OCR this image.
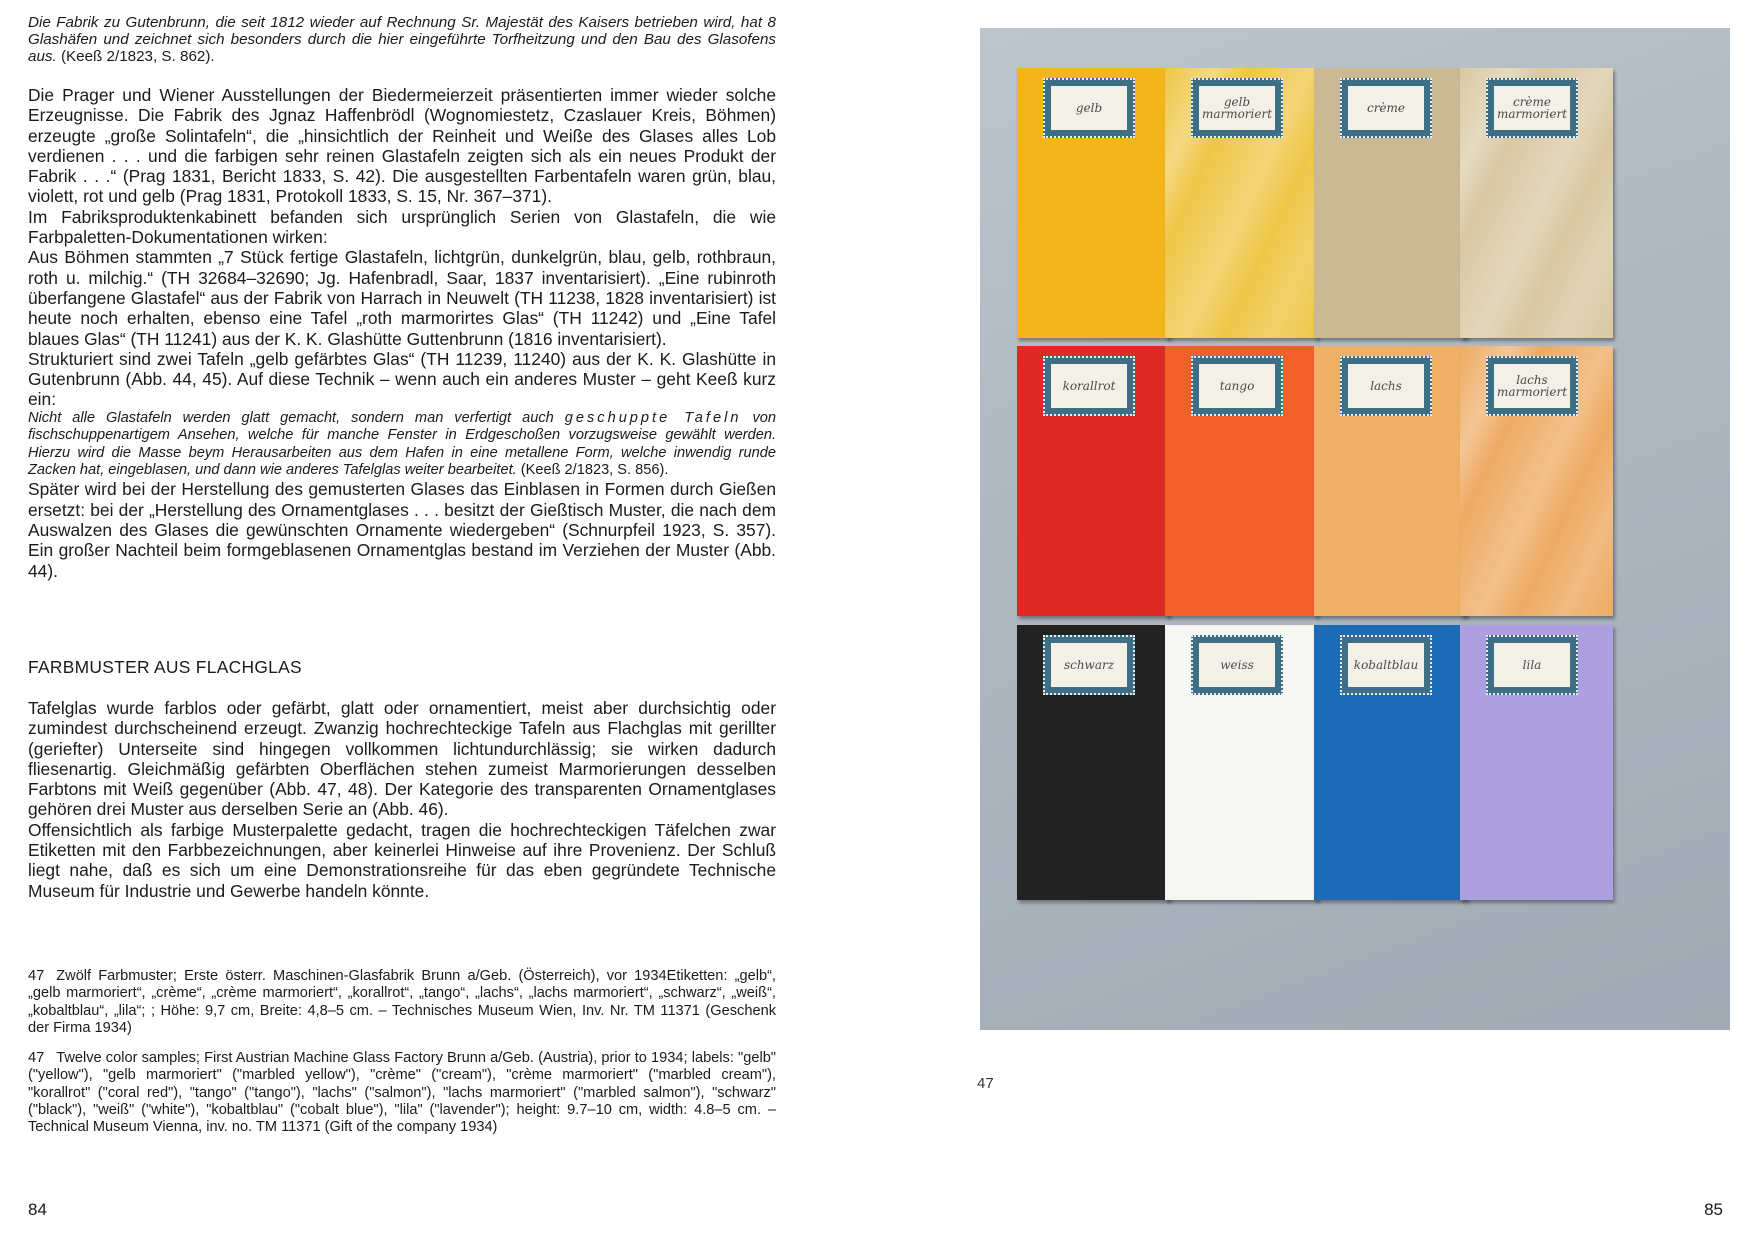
Die Fabrik zu Gutenbrunn, die seit 1812 wieder auf Rechnung Sr. Majestät des Kaisers betrieben wird, hat 8 Glashäfen und zeichnet sich besonders durch die hier eingeführte Torfheitzung und den Bau des Glasofens aus. (Keeß 2/1823, S. 862).

Die Prager und Wiener Ausstellungen der Biedermeierzeit präsentierten immer wieder solche Erzeugnisse. Die Fabrik des Jgnaz Haffenbrödl (Wognomiestetz, Czaslauer Kreis, Böhmen) erzeugte „große Solintafeln“, die „hinsichtlich der Reinheit und Weiße des Glases alles Lob verdienen . . . und die farbigen sehr reinen Glastafeln zeigten sich als ein neues Produkt der Fabrik . . .“ (Prag 1831, Bericht 1833, S. 42). Die ausgestellten Farbentafeln waren grün, blau, violett, rot und gelb (Prag 1831, Protokoll 1833, S. 15, Nr. 367–371).

Im Fabriksproduktenkabinett befanden sich ursprünglich Serien von Glastafeln, die wie Farbpaletten-Dokumentationen wirken:

Aus Böhmen stammten „7 Stück fertige Glastafeln, lichtgrün, dunkelgrün, blau, gelb, rothbraun, roth u. milchig.“ (TH 32684–32690; Jg. Hafenbradl, Saar, 1837 inventarisiert). „Eine rubinroth überfangene Glastafel“ aus der Fabrik von Harrach in Neuwelt (TH 11238, 1828 inventarisiert) ist heute noch erhalten, ebenso eine Tafel „roth marmorirtes Glas“ (TH 11242) und „Eine Tafel blaues Glas“ (TH 11241) aus der K. K. Glashütte Guttenbrunn (1816 inventarisiert).

Strukturiert sind zwei Tafeln „gelb gefärbtes Glas“ (TH 11239, 11240) aus der K. K. Glashütte in Gutenbrunn (Abb. 44, 45). Auf diese Technik – wenn auch ein anderes Muster – geht Keeß kurz ein:

Nicht alle Glastafeln werden glatt gemacht, sondern man verfertigt auch geschuppte Tafeln von fischschuppenartigem Ansehen, welche für manche Fenster in Erdgeschoßen vorzugsweise gewählt werden. Hierzu wird die Masse beym Herausarbeiten aus dem Hafen in eine metallene Form, welche inwendig runde Zacken hat, eingeblasen, und dann wie anderes Tafelglas weiter bearbeitet. (Keeß 2/1823, S. 856).

Später wird bei der Herstellung des gemusterten Glases das Einblasen in Formen durch Gießen ersetzt: bei der „Herstellung des Ornamentglases . . . besitzt der Gießtisch Muster, die nach dem Auswalzen des Glases die gewünschten Ornamente wiedergeben“ (Schnurpfeil 1923, S. 357). Ein großer Nachteil beim formgeblasenen Ornamentglas bestand im Verziehen der Muster (Abb. 44).

FARBMUSTER AUS FLACHGLAS

Tafelglas wurde farblos oder gefärbt, glatt oder ornamentiert, meist aber durchsichtig oder zumindest durchscheinend erzeugt. Zwanzig hochrechteckige Tafeln aus Flachglas mit gerillter (geriefter) Unterseite sind hingegen vollkommen lichtundurchlässig; sie wirken dadurch fliesenartig. Gleichmäßig gefärbten Oberflächen stehen zumeist Marmorierungen desselben Farbtons mit Weiß gegenüber (Abb. 47, 48). Der Kategorie des transparenten Ornamentglases gehören drei Muster aus derselben Serie an (Abb. 46).

Offensichtlich als farbige Musterpalette gedacht, tragen die hochrechteckigen Täfelchen zwar Etiketten mit den Farbbezeichnungen, aber keinerlei Hinweise auf ihre Provenienz. Der Schluß liegt nahe, daß es sich um eine Demonstrationsreihe für das eben gegründete Technische Museum für Industrie und Gewerbe handeln könnte.

47 Zwölf Farbmuster; Erste österr. Maschinen-Glasfabrik Brunn a/Geb. (Österreich), vor 1934Etiketten: „gelb“, „gelb marmoriert“, „crème“, „crème marmoriert“, „korallrot“, „tango“, „lachs“, „lachs marmoriert“, „schwarz“, „weiß“, „kobaltblau“, „lila“; ; Höhe: 9,7 cm, Breite: 4,8–5 cm. – Technisches Museum Wien, Inv. Nr. TM 11371 (Geschenk der Firma 1934)
47 Twelve color samples; First Austrian Machine Glass Factory Brunn a/Geb. (Austria), prior to 1934; labels: "gelb" ("yellow"), "gelb marmoriert" ("marbled yellow"), "crème" ("cream"), "crème marmoriert" ("marbled cream"), "korallrot" ("coral red"), "tango" ("tango"), "lachs" ("salmon"), "lachs marmoriert" ("marbled salmon"), "schwarz" ("black"), "weiß" ("white"), "kobaltblau" ("cobalt blue"), "lila" ("lavender"); height: 9.7–10 cm, width: 4.8–5 cm. – Technical Museum Vienna, inv. no. TM 11371 (Gift of the company 1934)
84
gelb	gelb marmoriert	crème	crème marmoriert
korallrot	tango	lachs	lachs marmoriert
schwarz	weiss	kobaltblau	lila
47
85
